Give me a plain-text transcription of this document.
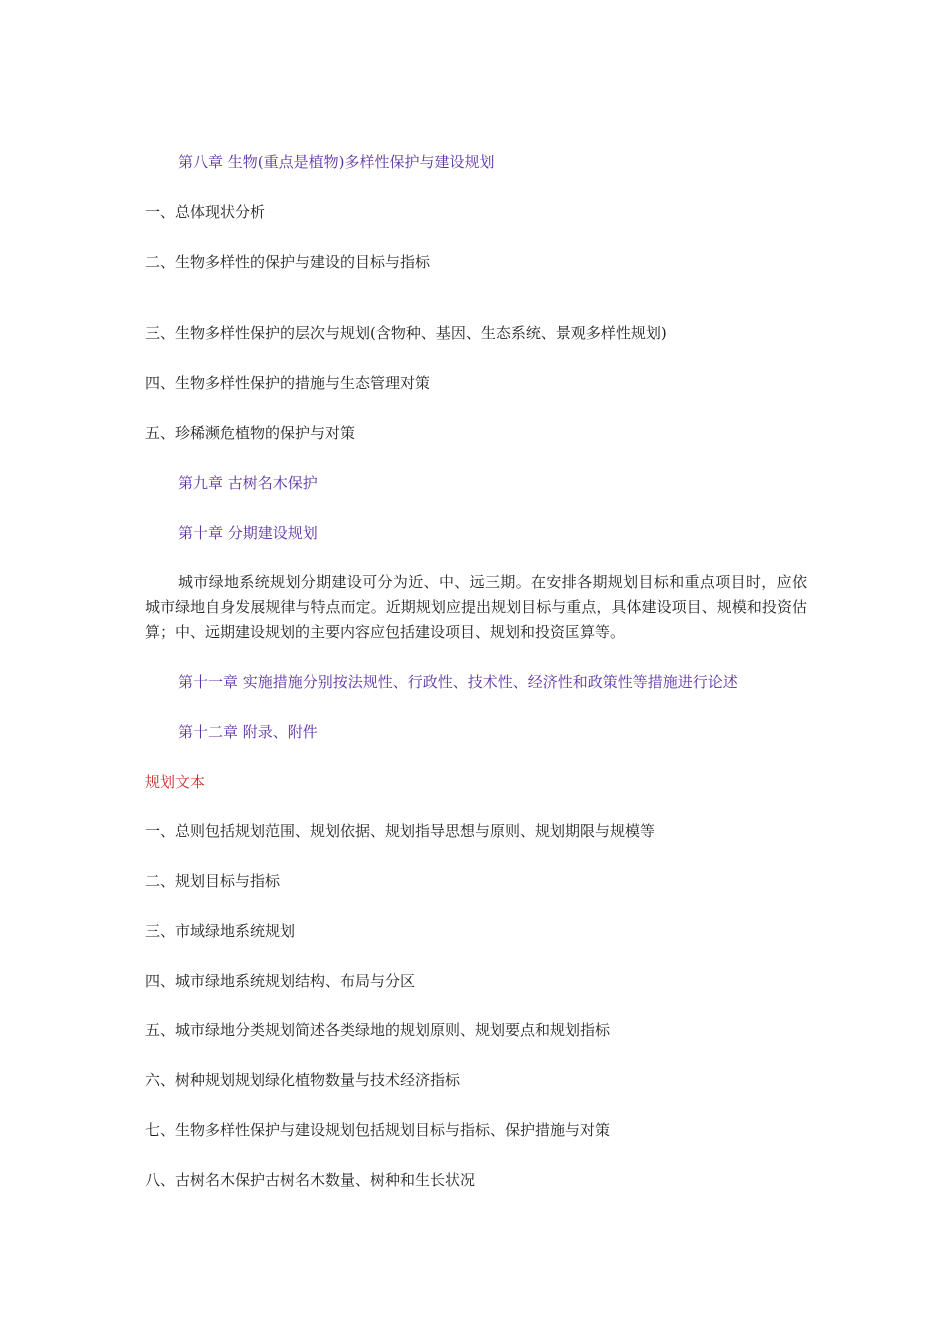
第八章 生物(重点是植物)多样性保护与建设规划
一、总体现状分析
二、生物多样性的保护与建设的目标与指标
三、生物多样性保护的层次与规划(含物种、基因、生态系统、景观多样性规划)
四、生物多样性保护的措施与生态管理对策
五、珍稀濒危植物的保护与对策
第九章 古树名木保护
第十章 分期建设规划
城市绿地系统规划分期建设可分为近、中、远三期。在安排各期规划目标和重点项目时，应依城市绿地自身发展规律与特点而定。近期规划应提出规划目标与重点，具体建设项目、规模和投资估算；中、远期建设规划的主要内容应包括建设项目、规划和投资匡算等。
第十一章 实施措施分别按法规性、行政性、技术性、经济性和政策性等措施进行论述
第十二章 附录、附件
规划文本
一、总则包括规划范围、规划依据、规划指导思想与原则、规划期限与规模等
二、规划目标与指标
三、市域绿地系统规划
四、城市绿地系统规划结构、布局与分区
五、城市绿地分类规划简述各类绿地的规划原则、规划要点和规划指标
六、树种规划规划绿化植物数量与技术经济指标
七、生物多样性保护与建设规划包括规划目标与指标、保护措施与对策
八、古树名木保护古树名木数量、树种和生长状况
